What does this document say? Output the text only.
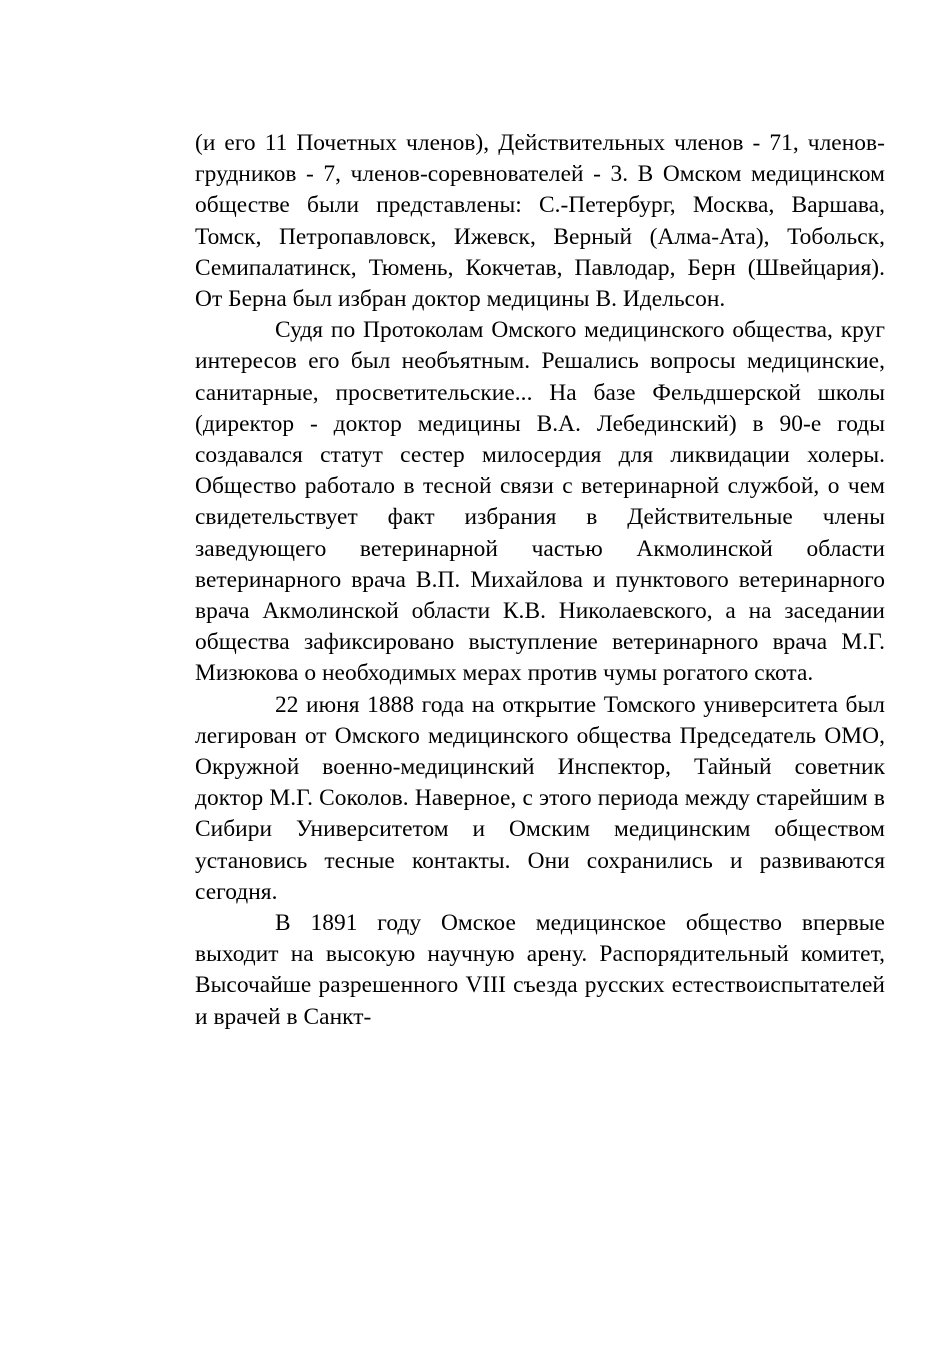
(и его 11 Почетных членов), Действительных членов - 71, членов-грудников - 7, членов-соревнователей - 3. В Омском медицинском обществе были представлены: С.-Петербург, Москва, Варшава, Томск, Петропавловск, Ижевск, Верный (Алма-Ата), Тобольск, Семипалатинск, Тюмень, Кокчетав, Павлодар, Берн (Швейцария). От Берна был избран доктор медицины В. Идельсон.

Судя по Протоколам Омского медицинского общества, круг интересов его был необъятным. Решались вопросы медицинские, санитарные, просветительские... На базе Фельдшерской школы (директор - доктор медицины В.А. Лебединский) в 90-е годы создавался статут сестер милосердия для ликвидации холеры. Общество работало в тесной связи с ветеринарной службой, о чем свидетельствует факт избрания в Действительные члены заведующего ветеринарной частью Акмолинской области ветеринарного врача В.П. Михайлова и пунктового ветеринарного врача Акмолинской области К.В. Николаевского, а на заседании общества зафиксировано выступление ветеринарного врача М.Г. Мизюкова о необходимых мерах против чумы рогатого скота.

22 июня 1888 года на открытие Томского университета был легирован от Омского медицинского общества Председатель ОМО, Окружной военно-медицинский Инспектор, Тайный советник доктор М.Г. Соколов. Наверное, с этого периода между старейшим в Сибири Университетом и Омским медицинским обществом установись тесные контакты. Они сохранились и развиваются сегодня.

В 1891 году Омское медицинское общество впервые выходит на высокую научную арену. Распорядительный комитет, Высочайше разрешенного VIII съезда русских естествоиспытателей и врачей в Санкт-
